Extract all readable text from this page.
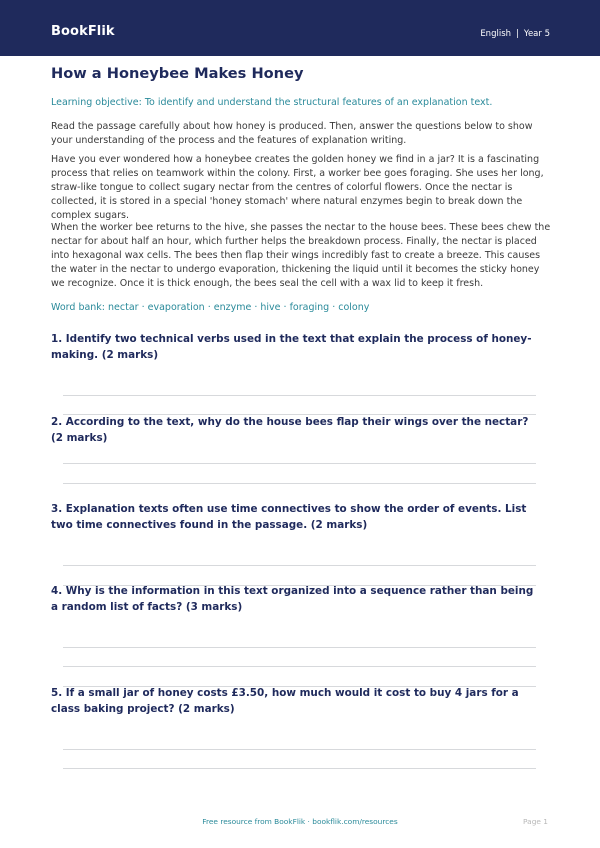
BookFlik	English | Year 5
How a Honeybee Makes Honey
Learning objective: To identify and understand the structural features of an explanation text.
Read the passage carefully about how honey is produced. Then, answer the questions below to show your understanding of the process and the features of explanation writing.
Have you ever wondered how a honeybee creates the golden honey we find in a jar? It is a fascinating process that relies on teamwork within the colony. First, a worker bee goes foraging. She uses her long, straw-like tongue to collect sugary nectar from the centres of colorful flowers. Once the nectar is collected, it is stored in a special 'honey stomach' where natural enzymes begin to break down the complex sugars.
When the worker bee returns to the hive, she passes the nectar to the house bees. These bees chew the nectar for about half an hour, which further helps the breakdown process. Finally, the nectar is placed into hexagonal wax cells. The bees then flap their wings incredibly fast to create a breeze. This causes the water in the nectar to undergo evaporation, thickening the liquid until it becomes the sticky honey we recognize. Once it is thick enough, the bees seal the cell with a wax lid to keep it fresh.
Word bank: nectar · evaporation · enzyme · hive · foraging · colony
1. Identify two technical verbs used in the text that explain the process of honey-making. (2 marks)
2. According to the text, why do the house bees flap their wings over the nectar? (2 marks)
3. Explanation texts often use time connectives to show the order of events. List two time connectives found in the passage. (2 marks)
4. Why is the information in this text organized into a sequence rather than being a random list of facts? (3 marks)
5. If a small jar of honey costs £3.50, how much would it cost to buy 4 jars for a class baking project? (2 marks)
Free resource from BookFlik · bookflik.com/resources	Page 1
